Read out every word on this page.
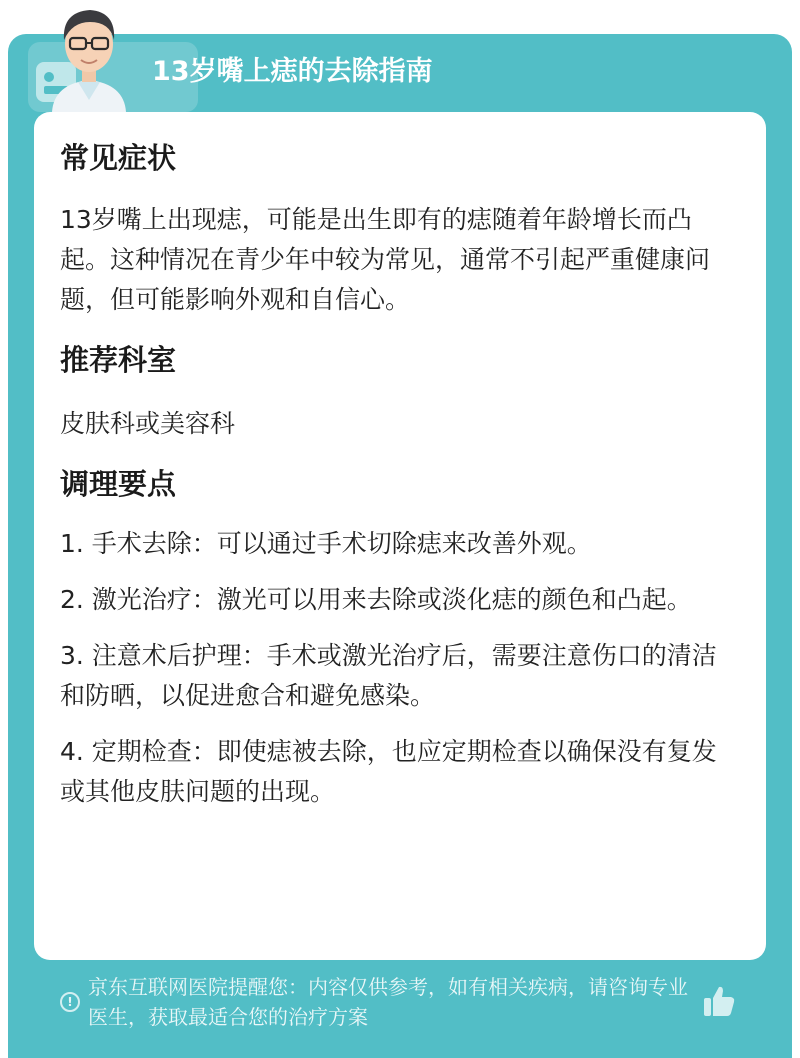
13岁嘴上痣的去除指南
常见症状
13岁嘴上出现痣，可能是出生即有的痣随着年龄增长而凸起。这种情况在青少年中较为常见，通常不引起严重健康问题，但可能影响外观和自信心。
推荐科室
皮肤科或美容科
调理要点
1. 手术去除：可以通过手术切除痣来改善外观。
2. 激光治疗：激光可以用来去除或淡化痣的颜色和凸起。
3. 注意术后护理：手术或激光治疗后，需要注意伤口的清洁和防晒，以促进愈合和避免感染。
4. 定期检查：即使痣被去除，也应定期检查以确保没有复发或其他皮肤问题的出现。
!
京东互联网医院提醒您：内容仅供参考，如有相关疾病，请咨询专业医生，获取最适合您的治疗方案
